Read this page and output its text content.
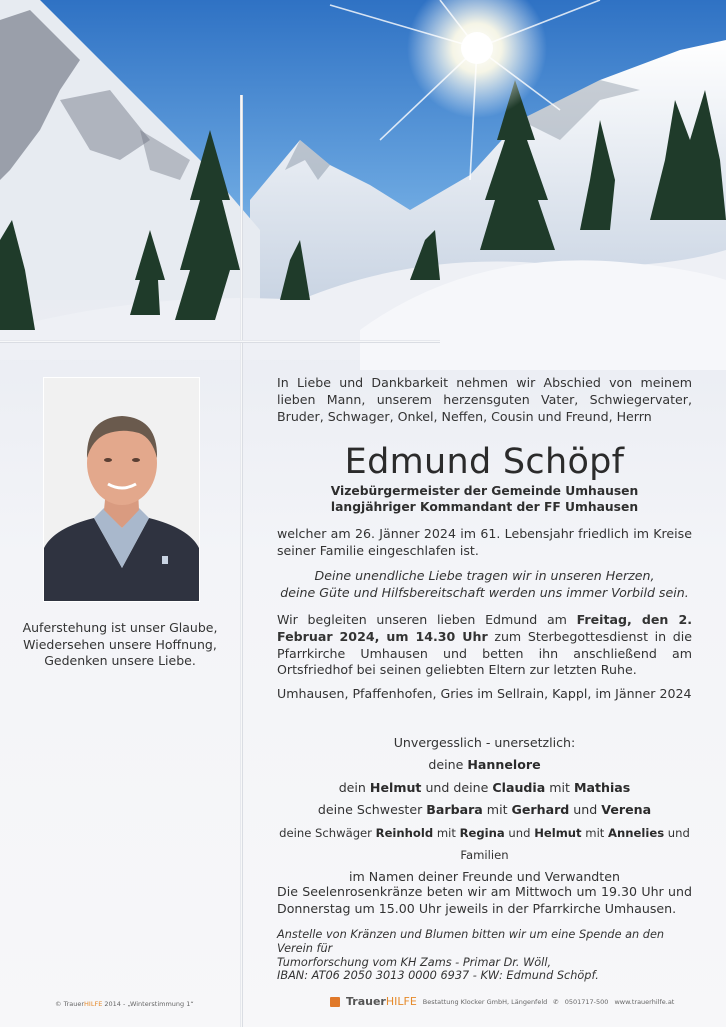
Auferstehung ist unser Glaube,
Wiedersehen unsere Hoffnung,
Gedenken unsere Liebe.
In Liebe und Dankbarkeit nehmen wir Abschied von meinem lieben Mann, unserem herzensguten Vater, Schwiegervater, Bruder, Schwager, Onkel, Neffen, Cousin und Freund, Herrn
Edmund Schöpf
Vizebürgermeister der Gemeinde Umhausen
langjähriger Kommandant der FF Umhausen
welcher am 26. Jänner 2024 im 61. Lebensjahr friedlich im Kreise seiner Familie eingeschlafen ist.
Deine unendliche Liebe tragen wir in unseren Herzen,
deine Güte und Hilfsbereitschaft werden uns immer Vorbild sein.
Wir begleiten unseren lieben Edmund am Freitag, den 2. Februar 2024, um 14.30 Uhr zum Sterbegottesdienst in die Pfarrkirche Umhausen und betten ihn anschließend am Ortsfriedhof bei seinen geliebten Eltern zur letzten Ruhe.
Umhausen, Pfaffenhofen, Gries im Sellrain, Kappl, im Jänner 2024
Unvergesslich - unersetzlich:
deine Hannelore
dein Helmut und deine Claudia mit Mathias
deine Schwester Barbara mit Gerhard und Verena
deine Schwäger Reinhold mit Regina und Helmut mit Annelies und Familien
im Namen deiner Freunde und Verwandten
Die Seelenrosenkränze beten wir am Mittwoch um 19.30 Uhr und Donnerstag um 15.00 Uhr jeweils in der Pfarrkirche Umhausen.
Anstelle von Kränzen und Blumen bitten wir um eine Spende an den Verein für
Tumorforschung vom KH Zams - Primar Dr. Wöll,
IBAN: AT06 2050 3013 0000 6937 - KW: Edmund Schöpf.
© TrauerHILFE 2014 - „Winterstimmung 1“	TrauerHILFE Bestattung Klocker GmbH, Längenfeld ✆ 0501717-500 www.trauerhilfe.at
